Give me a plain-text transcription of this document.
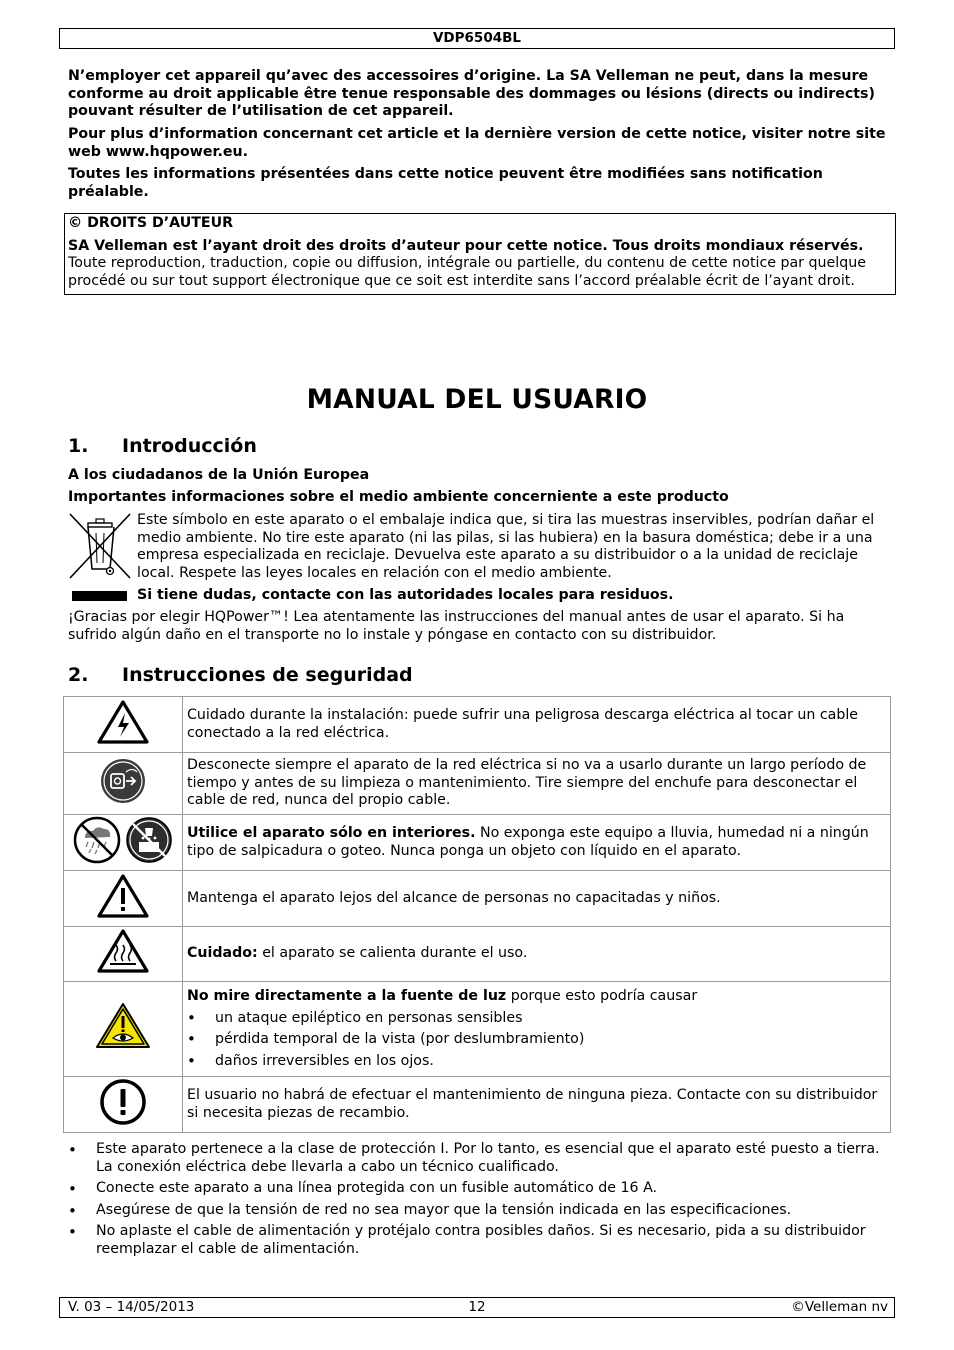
VDP6504BL

N’employer cet appareil qu’avec des accessoires d’origine. La SA Velleman ne peut, dans la mesure conforme au droit applicable être tenue responsable des dommages ou lésions (directs ou indirects) pouvant résulter de l’utilisation de cet appareil.

Pour plus d’information concernant cet article et la dernière version de cette notice, visiter notre site web www.hqpower.eu.

Toutes les informations présentées dans cette notice peuvent être modifiées sans notification préalable.

© DROITS D’AUTEUR
SA Velleman est l’ayant droit des droits d’auteur pour cette notice. Tous droits mondiaux réservés.
Toute reproduction, traduction, copie ou diffusion, intégrale ou partielle, du contenu de cette notice par quelque procédé ou sur tout support électronique que ce soit est interdite sans l’accord préalable écrit de l’ayant droit.
MANUAL DEL USUARIO
1. Introducción
A los ciudadanos de la Unión Europea
Importantes informaciones sobre el medio ambiente concerniente a este producto
Este símbolo en este aparato o el embalaje indica que, si tira las muestras inservibles, podrían dañar el medio ambiente. No tire este aparato (ni las pilas, si las hubiera) en la basura doméstica; debe ir a una empresa especializada en reciclaje. Devuelva este aparato a su distribuidor o a la unidad de reciclaje local. Respete las leyes locales en relación con el medio ambiente.
Si tiene dudas, contacte con las autoridades locales para residuos.
¡Gracias por elegir HQPower™! Lea atentamente las instrucciones del manual antes de usar el aparato. Si ha sufrido algún daño en el transporte no lo instale y póngase en contacto con su distribuidor.
2. Instrucciones de seguridad
	Cuidado durante la instalación: puede sufrir una peligrosa descarga eléctrica al tocar un cable conectado a la red eléctrica.
	Desconecte siempre el aparato de la red eléctrica si no va a usarlo durante un largo período de tiempo y antes de su limpieza o mantenimiento. Tire siempre del enchufe para desconectar el cable de red, nunca del propio cable.
	Utilice el aparato sólo en interiores. No exponga este equipo a lluvia, humedad ni a ningún tipo de salpicadura o goteo. Nunca ponga un objeto con líquido en el aparato.
	Mantenga el aparato lejos del alcance de personas no capacitadas y niños.
	Cuidado: el aparato se calienta durante el uso.
	No mire directamente a la fuente de luz porque esto podría causar
• un ataque epiléptico en personas sensibles
• pérdida temporal de la vista (por deslumbramiento)
• daños irreversibles en los ojos.

	El usuario no habrá de efectuar el mantenimiento de ninguna pieza. Contacte con su distribuidor si necesita piezas de recambio.
• Este aparato pertenece a la clase de protección I. Por lo tanto, es esencial que el aparato esté puesto a tierra. La conexión eléctrica debe llevarla a cabo un técnico cualificado.
• Conecte este aparato a una línea protegida con un fusible automático de 16 A.
• Asegúrese de que la tensión de red no sea mayor que la tensión indicada en las especificaciones.
• No aplaste el cable de alimentación y protéjalo contra posibles daños. Si es necesario, pida a su distribuidor reemplazar el cable de alimentación.
V. 03 – 14/05/2013	12	©Velleman nv
